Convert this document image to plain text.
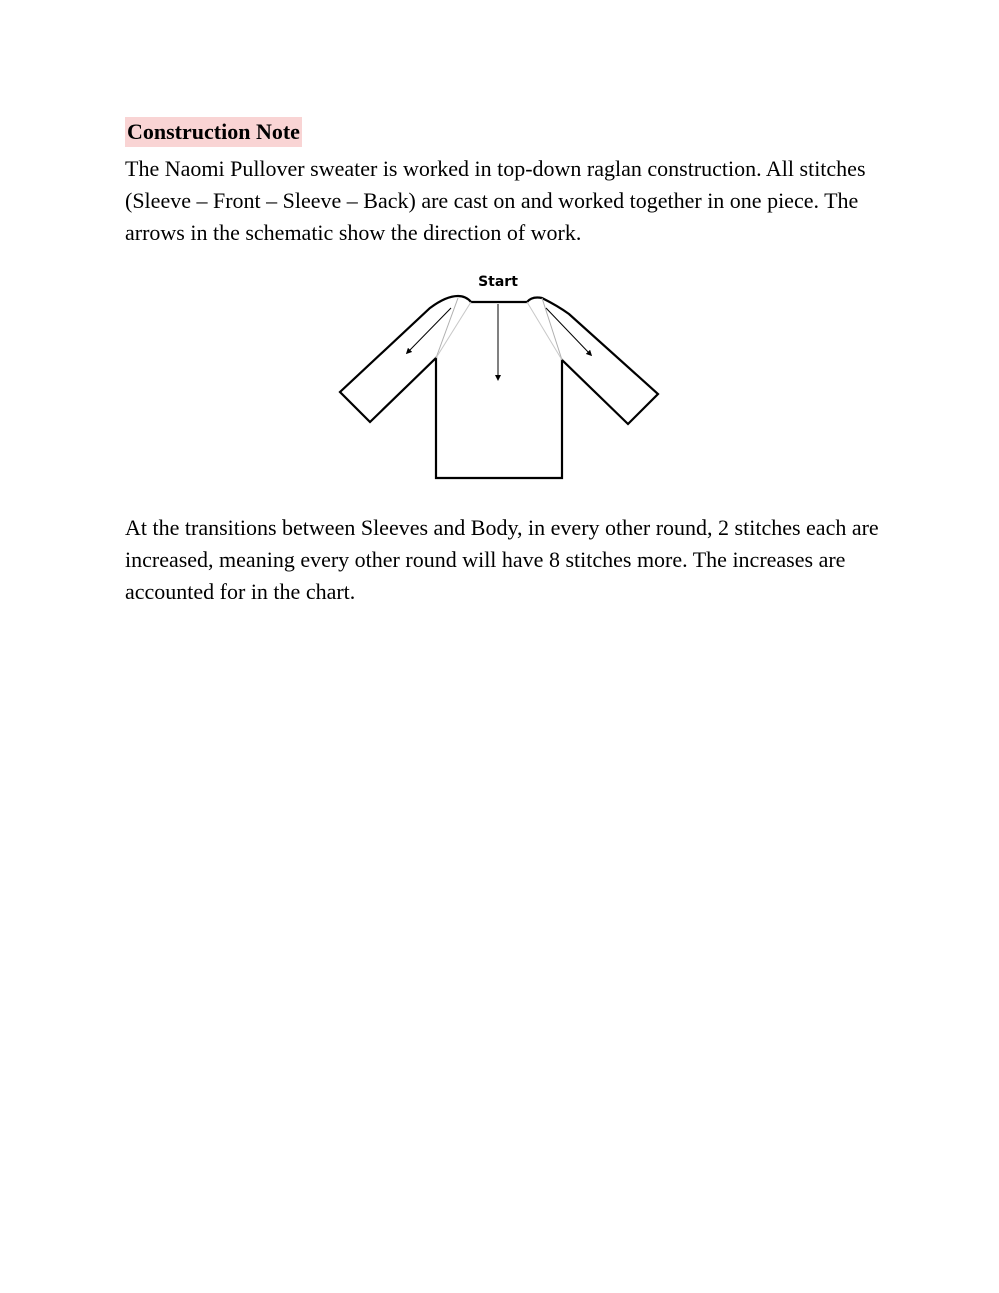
Construction Note

The Naomi Pullover sweater is worked in top-down raglan construction. All stitches (Sleeve – Front – Sleeve – Back) are cast on and worked together in one piece. The arrows in the schematic show the direction of work.

Start

At the transitions between Sleeves and Body, in every other round, 2 stitches each are increased, meaning every other round will have 8 stitches more. The increases are accounted for in the chart.
